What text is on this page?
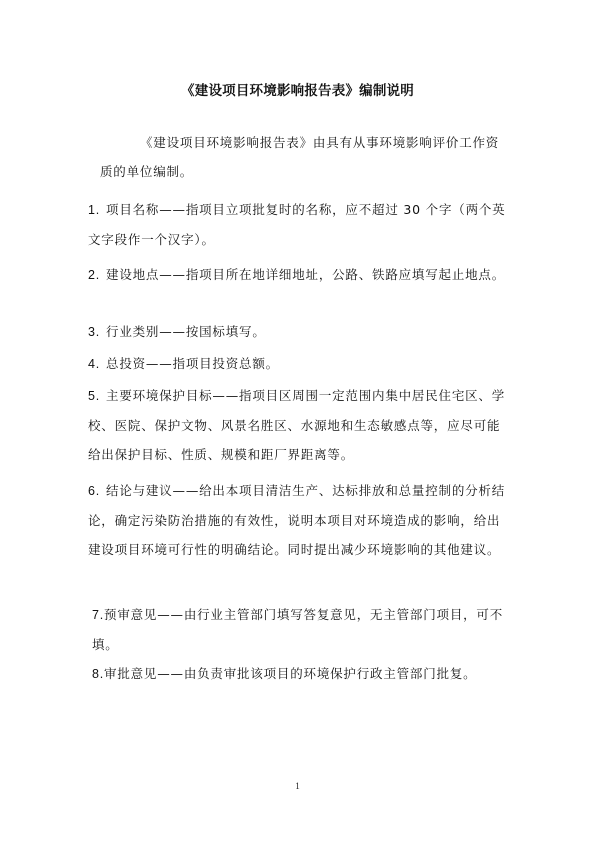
《建设项目环境影响报告表》编制说明
《建设项目环境影响报告表》由具有从事环境影响评价工作资质的单位编制。
1. 项目名称——指项目立项批复时的名称，应不超过 30 个字（两个英文字段作一个汉字）。
2. 建设地点——指项目所在地详细地址，公路、铁路应填写起止地点。
3. 行业类别——按国标填写。
4. 总投资——指项目投资总额。
5. 主要环境保护目标——指项目区周围一定范围内集中居民住宅区、学校、医院、保护文物、风景名胜区、水源地和生态敏感点等，应尽可能给出保护目标、性质、规模和距厂界距离等。
6. 结论与建议——给出本项目清洁生产、达标排放和总量控制的分析结论，确定污染防治措施的有效性，说明本项目对环境造成的影响，给出建设项目环境可行性的明确结论。同时提出减少环境影响的其他建议。
7.预审意见——由行业主管部门填写答复意见，无主管部门项目，可不填。
8.审批意见——由负责审批该项目的环境保护行政主管部门批复。
1
